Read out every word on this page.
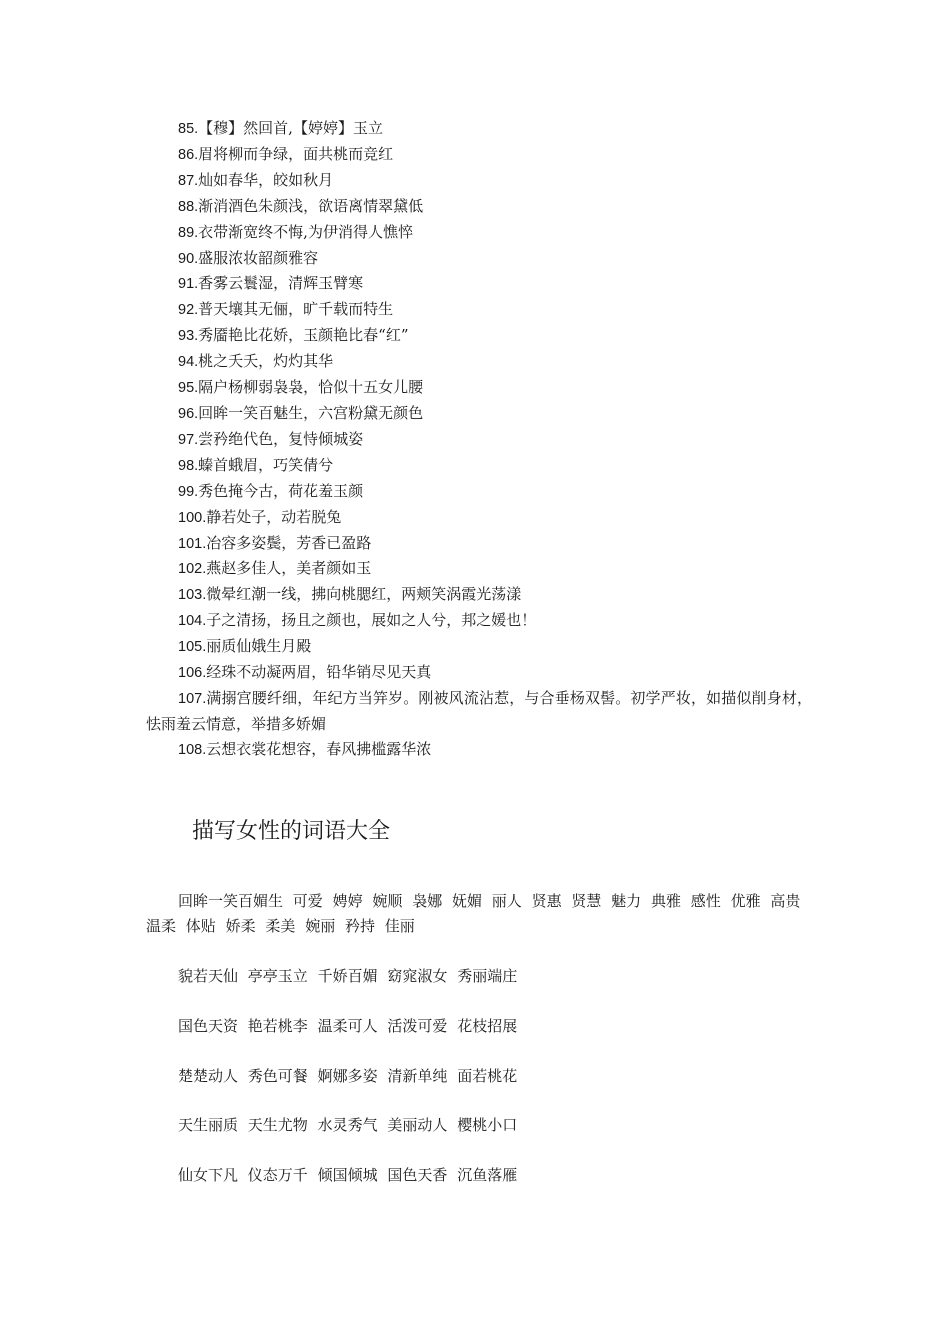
85.【穆】然回首,【婷婷】玉立
86.眉将柳而争绿，面共桃而竞红
87.灿如春华，皎如秋月
88.渐消酒色朱颜浅，欲语离情翠黛低
89.衣带渐宽终不悔,为伊消得人憔悴
90.盛服浓妆韶颜雅容
91.香雾云鬟湿，清辉玉臂寒
92.普天壤其无俪，旷千载而特生
93.秀靥艳比花娇，玉颜艳比春“红”
94.桃之夭夭，灼灼其华
95.隔户杨柳弱袅袅，恰似十五女儿腰
96.回眸一笑百魅生，六宫粉黛无颜色
97.尝矜绝代色，复恃倾城姿
98.螓首蛾眉，巧笑倩兮
99.秀色掩今古，荷花羞玉颜
100.静若处子，动若脱兔
101.冶容多姿鬓，芳香已盈路
102.燕赵多佳人，美者颜如玉
103.微晕红潮一线，拂向桃腮红，两颊笑涡霞光荡漾
104.子之清扬，扬且之颜也，展如之人兮，邦之媛也！
105.丽质仙娥生月殿
106.经珠不动凝两眉，铅华销尽见天真
107.满搦宫腰纤细，年纪方当笄岁。刚被风流沾惹，与合垂杨双髻。初学严妆，如描似削身材，怯雨羞云情意，举措多娇媚
108.云想衣裳花想容，春风拂槛露华浓
描写女性的词语大全
回眸一笑百媚生 可爱 娉婷 婉顺 袅娜 妩媚 丽人 贤惠 贤慧 魅力 典雅 感性 优雅 高贵 温柔 体贴 娇柔 柔美 婉丽 矜持 佳丽
貌若天仙 亭亭玉立 千娇百媚 窈窕淑女 秀丽端庄
国色天资 艳若桃李 温柔可人 活泼可爱 花枝招展
楚楚动人 秀色可餐 婀娜多姿 清新单纯 面若桃花
天生丽质 天生尤物 水灵秀气 美丽动人 樱桃小口
仙女下凡 仪态万千 倾国倾城 国色天香 沉鱼落雁
